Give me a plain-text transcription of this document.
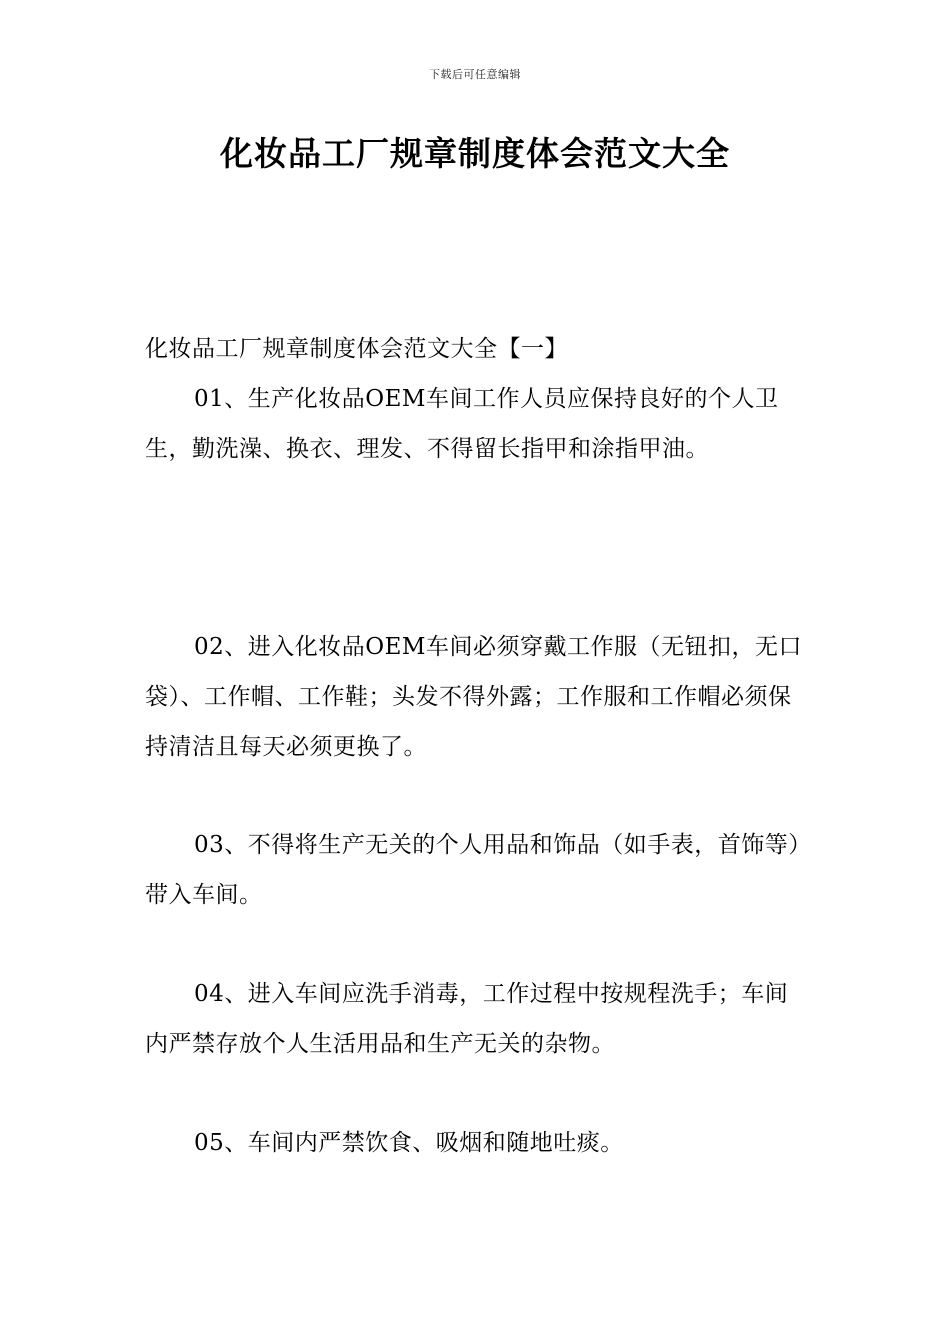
下载后可任意编辑
化妆品工厂规章制度体会范文大全

化妆品工厂规章制度体会范文大全【一】

01、生产化妆品OEM车间工作人员应保持良好的个人卫生，勤洗澡、换衣、理发、不得留长指甲和涂指甲油。

02、进入化妆品OEM车间必须穿戴工作服（无钮扣，无口袋）、工作帽、工作鞋；头发不得外露；工作服和工作帽必须保持清洁且每天必须更换了。

03、不得将生产无关的个人用品和饰品（如手表，首饰等）带入车间。

04、进入车间应洗手消毒，工作过程中按规程洗手；车间内严禁存放个人生活用品和生产无关的杂物。

05、车间内严禁饮食、吸烟和随地吐痰。
